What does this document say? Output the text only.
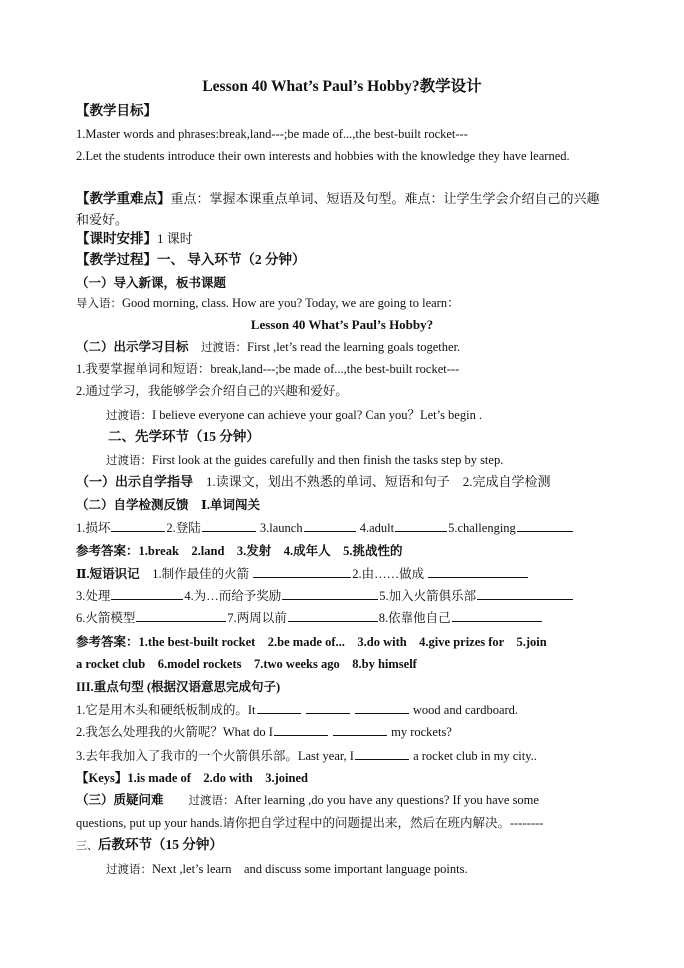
Lesson 40 What’s Paul’s Hobby?教学设计
【教学目标】
1.Master words and phrases:break,land---;be made of...,the best-built rocket---
2.Let the students introduce their own interests and hobbies with the knowledge they have learned.
【教学重难点】重点：掌握本课重点单词、短语及句型。难点：让学生学会介绍自己的兴趣和爱好。
【课时安排】1 课时
【教学过程】一、 导入环节（2 分钟）
（一）导入新课，板书课题
导入语：Good morning, class. How are you? Today, we are going to learn：
Lesson 40 What’s Paul’s Hobby?
（二）出示学习目标　 过渡语：First ,let’s read the learning goals together.
1.我要掌握单词和短语：break,land---;be made of...,the best-built rocket---
2.通过学习，我能够学会介绍自己的兴趣和爱好。
过渡语：I believe everyone can achieve your goal? Can you？Let’s begin .
二、先学环节（15 分钟）
过渡语：First look at the guides carefully and then finish the tasks step by step.
（一）出示自学指导　 1.读课文，划出不熟悉的单词、短语和句子　2.完成自学检测
（二）自学检测反馈　 Ⅰ.单词闯关
1.损坏	2.登陆	3.launch	4.adult	5.challenging
参考答案：1.break　2.land　3.发射　4.成年人　5.挑战性的
Ⅱ.短语识记　 1.制作最佳的火箭	2.由……做成
3.处理	4.为…而给予奖励	5.加入火箭俱乐部
6.火箭模型	7.两周以前	8.依靠他自己
参考答案：1.the best-built rocket　2.be made of...　3.do with　4.give prizes for　5.join
a rocket club　6.model rockets　7.two weeks ago　8.by himself
III.重点句型 (根据汉语意思完成句子)
1.它是用木头和硬纸板制成的。It	wood and cardboard.
2.我怎么处理我的火箭呢？What do I	my rockets?
3.去年我加入了我市的一个火箭俱乐部。Last year, I	a rocket club in my city..
【Keys】1.is made of　2.do with　3.joined
（三）质疑问难　　 过渡语：After learning ,do you have any questions? If you have some
questions, put up your hands.请你把自学过程中的问题提出来，然后在班内解决。--------
三、后教环节（15 分钟）
过渡语：Next ,let’s learn　and discuss some important language points.
